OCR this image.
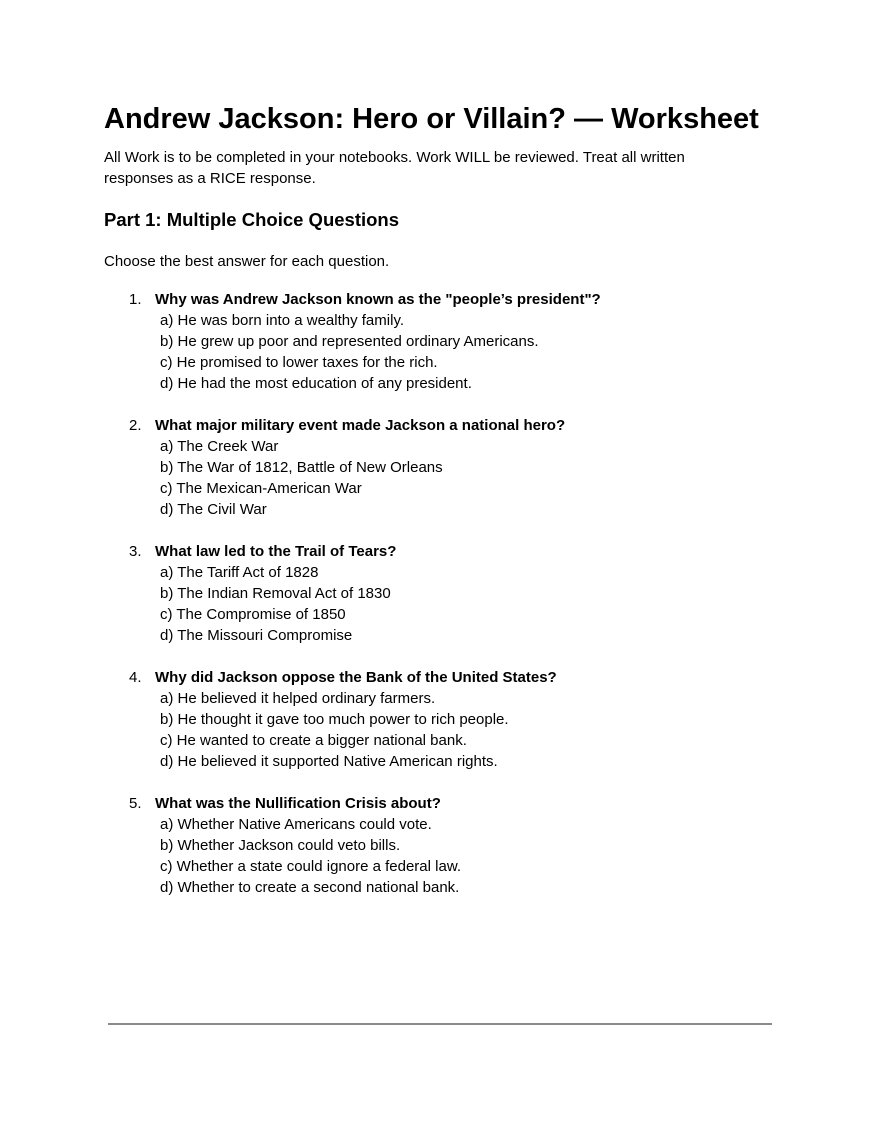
Andrew Jackson: Hero or Villain? — Worksheet

All Work is to be completed in your notebooks. Work WILL be reviewed. Treat all written responses as a RICE response.

Part 1: Multiple Choice Questions

Choose the best answer for each question.

1. Why was Andrew Jackson known as the "people’s president"?
a) He was born into a wealthy family.
b) He grew up poor and represented ordinary Americans.
c) He promised to lower taxes for the rich.
d) He had the most education of any president.
2. What major military event made Jackson a national hero?
a) The Creek War
b) The War of 1812, Battle of New Orleans
c) The Mexican-American War
d) The Civil War
3. What law led to the Trail of Tears?
a) The Tariff Act of 1828
b) The Indian Removal Act of 1830
c) The Compromise of 1850
d) The Missouri Compromise
4. Why did Jackson oppose the Bank of the United States?
a) He believed it helped ordinary farmers.
b) He thought it gave too much power to rich people.
c) He wanted to create a bigger national bank.
d) He believed it supported Native American rights.
5. What was the Nullification Crisis about?
a) Whether Native Americans could vote.
b) Whether Jackson could veto bills.
c) Whether a state could ignore a federal law.
d) Whether to create a second national bank.
